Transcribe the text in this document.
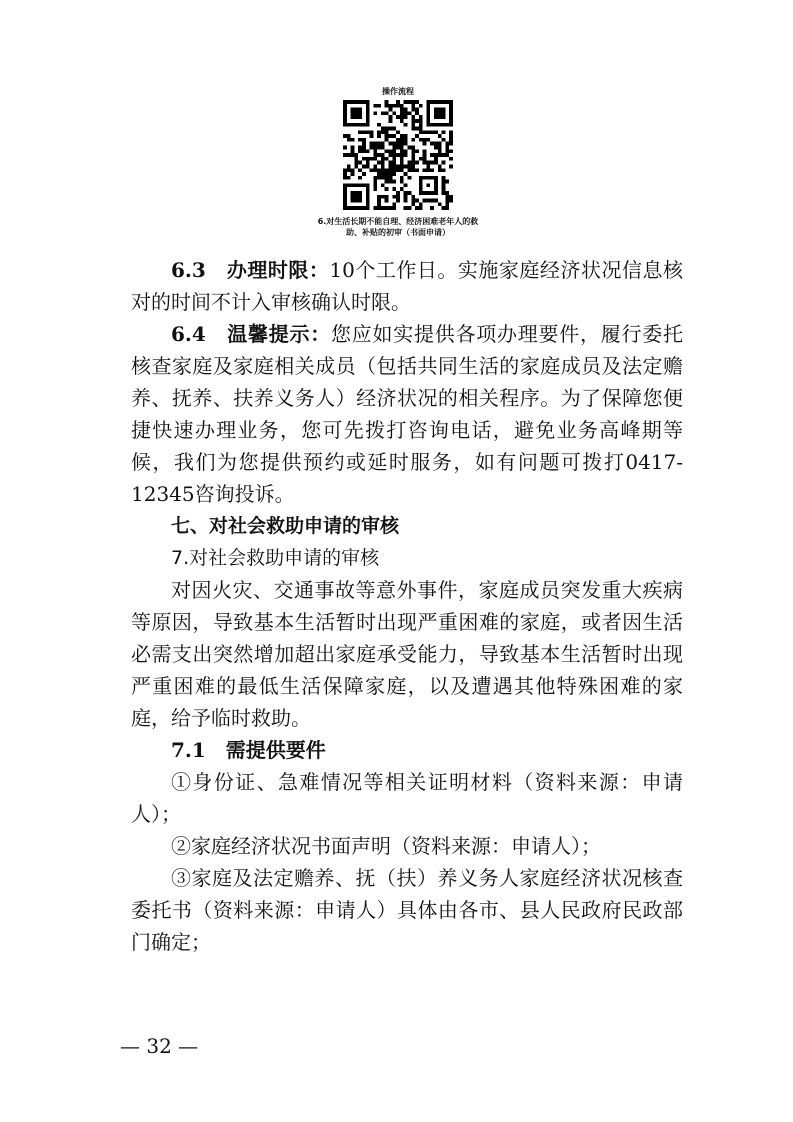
操作流程
6.对生活长期不能自理、经济困难老年人的救
助、补贴的初审（书面申请）
6.3　办理时限：10个工作日。实施家庭经济状况信息核对的时间不计入审核确认时限。
6.4　温馨提示：您应如实提供各项办理要件，履行委托核查家庭及家庭相关成员（包括共同生活的家庭成员及法定赡养、抚养、扶养义务人）经济状况的相关程序。为了保障您便捷快速办理业务，您可先拨打咨询电话，避免业务高峰期等候，我们为您提供预约或延时服务，如有问题可拨打0417-12345咨询投诉。
七、对社会救助申请的审核
7.对社会救助申请的审核
对因火灾、交通事故等意外事件，家庭成员突发重大疾病等原因，导致基本生活暂时出现严重困难的家庭，或者因生活必需支出突然增加超出家庭承受能力，导致基本生活暂时出现严重困难的最低生活保障家庭，以及遭遇其他特殊困难的家庭，给予临时救助。
7.1　需提供要件
①身份证、急难情况等相关证明材料（资料来源：申请人）；
②家庭经济状况书面声明（资料来源：申请人）；
③家庭及法定赡养、抚（扶）养义务人家庭经济状况核查委托书（资料来源：申请人）具体由各市、县人民政府民政部门确定；
— 32 —
